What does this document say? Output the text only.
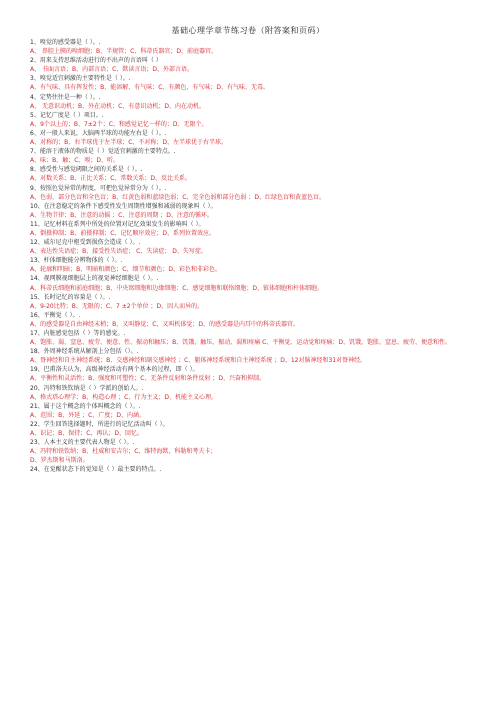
基础心理学章节练习卷（附答案和页码）
1、嗅觉的感受器是（ ）。.
A、 鼻腔上膜的嗅细胞；B、半规管；C、科蒂氏器官；D、前庭器官。
2、用来支持思维活动进行的不出声的言语叫（ ）
A、 书面言语；B、内部言语；C、默读言语；D、外部言语。
3、嗅觉适宜刺激的主要特性是（ ）。.
A、有气味、具有挥发性；B、能溶解、有气味；C、有颜色、有气味；D、有气味、无毒。
4、定势往往是一种（ ）。.
A、 无意识动机；B、外在动机；C、有意识动机；D、内在动机。
5、记忆广度是（ ）项目。.
A、9个以上的；B、7±2个；C、和感觉记忆一样的；D、无限个。
6、对一般人来说，大脑两半球的功能左右是（ ）。.
A、对称的；B、右半球优于左半球；C、不对称；D、左半球优于右半球。
7、能溶于液体的物质是（ ）觉适宜刺激的主要特点。.
A、味；B、触；C、嗅；D、听。
8、感受性与感觉阈限之间的关系是（ ）。.
A、对数关系；B、正比关系；C、常数关系；D、反比关系。
9、按照色觉异常的程度，可把色觉异常分为（ ）。.
A、色弱、部分色盲和全色盲；B、红黄色弱和蓝绿色弱；C、完全色弱和部分色弱 ；D、红绿色盲和黄蓝色盲。
10、在注意稳定的条件下感受性发生周期性增强和减弱的现象叫（ ）。
A、生物节律；B、注意的动摇 ；C、注意的周期 ；D、注意的循环。
11、记忆材料在系列中所处的位置对记忆效果发生的影响叫（ ）。
A、倒摄抑制；B、前摄抑制；C、记忆顺序效应；D、系列位置效应。
12、威尔尼克中枢受到损伤会造成（ ）。.
A、表达性失语症；B、接受性失语症； C、失读症； D、失写症。
13、杆体细胞能分辨物体的（ ）。.
A、轮廓和明暗；B、明暗和颜色；C、细节和颜色；D、彩色和非彩色。
14、视网膜视细胞层上的视觉神经细胞是（ ）。.
A、科蒂氏细胞和前庭细胞；B、中央窝细胞和边缘细胞；C、感觉细胞和联络细胞；D、锥体细胞和杆体细胞。
15、长时记忆的容量是（ ）。.
A、9-20比特；B、无限的；C、7 ±2个单位 ；D、因人而异的。
16、平衡觉（ ）。.
A、的感受器是自由神经末梢；B、又叫静觉；C、又叫机体觉；D、的感受器是内耳中的科蒂氏器官。
17、内脏感觉包括（ ）等的感觉。.
A、饱胀、渴、窒息、疲劳、便意、性、振动和触压；B、饥饿、触压、振动、渴和疼痛 C、平衡觉、运动觉和疼痛；D、饥饿、饱胀、窒息、疲劳、便意和性。
18、外周神经系统从解剖上分包括（）。.
A、脊神经和自主神经系统；B、交感神经和副交感神经 ；C、躯体神经系统和自主神经系统 ；D、12对脑神经和31对脊神经。
19、巴甫洛夫认为，高级神经活动有两个基本的过程，即（ ）。
A、平衡性和灵活性；B、强度和可塑性；C、无条件反射和条件反射 ；D、兴奋和抑制。
20、冯特和铁钦纳是（ ）学派的创始人。.
A、格式塔心理学；B、构造心理 ；C、行为主义；D、机能主义心理。
21、属于这个概念的个体叫概念的（ ）。.
A、范围；B、外延 ；C、广度；D、内涵。
22、学生回答选择题时，所进行的记忆活动叫（ ）。
A、识记；B、保持；C、再认；D、回忆。
23、人本主义的主要代表人物是（ ）。.
A、冯特和铁钦纳；B、杜威和安吉尔；C、维特海默、科勒和考夫卡；
D、罗杰斯和马斯洛。
24、在觉醒状态下的觉知是（ ）最主要的特点。.
